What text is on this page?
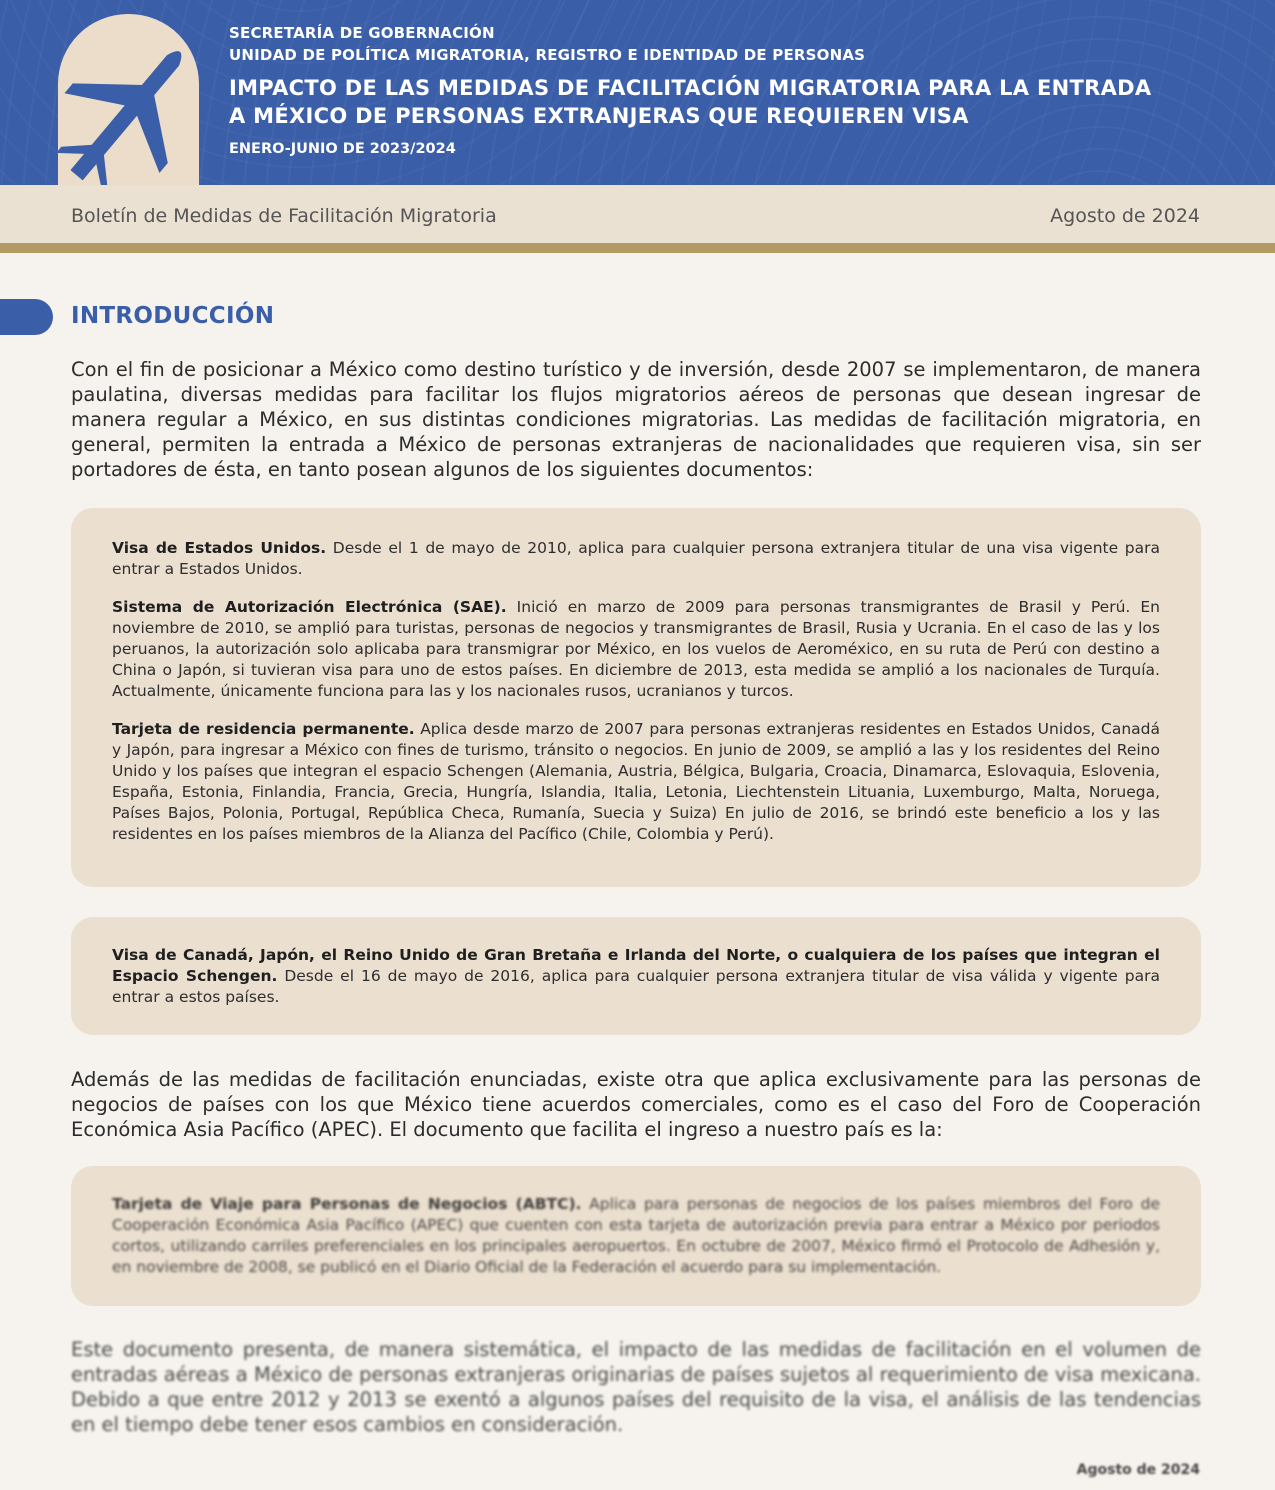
SECRETARÍA DE GOBERNACIÓN

UNIDAD DE POLÍTICA MIGRATORIA, REGISTRO E IDENTIDAD DE PERSONAS

IMPACTO DE LAS MEDIDAS DE FACILITACIÓN MIGRATORIA PARA LA ENTRADA
A MÉXICO DE PERSONAS EXTRANJERAS QUE REQUIEREN VISA

ENERO-JUNIO DE 2023/2024

Boletín de Medidas de Facilitación Migratoria	Agosto de 2024
INTRODUCCIÓN

Con el fin de posicionar a México como destino turístico y de inversión, desde 2007 se implementaron, de manera paulatina, diversas medidas para facilitar los flujos migratorios aéreos de personas que desean ingresar de manera regular a México, en sus distintas condiciones migratorias. Las medidas de facilitación migratoria, en general, permiten la entrada a México de personas extranjeras de nacionalidades que requieren visa, sin ser portadores de ésta, en tanto posean algunos de los siguientes documentos:

Visa de Estados Unidos. Desde el 1 de mayo de 2010, aplica para cualquier persona extranjera titular de una visa vigente para entrar a Estados Unidos.

Sistema de Autorización Electrónica (SAE). Inició en marzo de 2009 para personas transmigrantes de Brasil y Perú. En noviembre de 2010, se amplió para turistas, personas de negocios y transmigrantes de Brasil, Rusia y Ucrania. En el caso de las y los peruanos, la autorización solo aplicaba para transmigrar por México, en los vuelos de Aeroméxico, en su ruta de Perú con destino a China o Japón, si tuvieran visa para uno de estos países. En diciembre de 2013, esta medida se amplió a los nacionales de Turquía. Actualmente, únicamente funciona para las y los nacionales rusos, ucranianos y turcos.

Tarjeta de residencia permanente. Aplica desde marzo de 2007 para personas extranjeras residentes en Estados Unidos, Canadá y Japón, para ingresar a México con fines de turismo, tránsito o negocios. En junio de 2009, se amplió a las y los residentes del Reino Unido y los países que integran el espacio Schengen (Alemania, Austria, Bélgica, Bulgaria, Croacia, Dinamarca, Eslovaquia, Eslovenia, España, Estonia, Finlandia, Francia, Grecia, Hungría, Islandia, Italia, Letonia, Liechtenstein Lituania, Luxemburgo, Malta, Noruega, Países Bajos, Polonia, Portugal, República Checa, Rumanía, Suecia y Suiza) En julio de 2016, se brindó este beneficio a los y las residentes en los países miembros de la Alianza del Pacífico (Chile, Colombia y Perú).

Visa de Canadá, Japón, el Reino Unido de Gran Bretaña e Irlanda del Norte, o cualquiera de los países que integran el Espacio Schengen. Desde el 16 de mayo de 2016, aplica para cualquier persona extranjera titular de visa válida y vigente para entrar a estos países.

Además de las medidas de facilitación enunciadas, existe otra que aplica exclusivamente para las personas de negocios de países con los que México tiene acuerdos comerciales, como es el caso del Foro de Cooperación Económica Asia Pacífico (APEC). El documento que facilita el ingreso a nuestro país es la:

Tarjeta de Viaje para Personas de Negocios (ABTC). Aplica para personas de negocios de los países miembros del Foro de Cooperación Económica Asia Pacífico (APEC) que cuenten con esta tarjeta de autorización previa para entrar a México por periodos cortos, utilizando carriles preferenciales en los principales aeropuertos. En octubre de 2007, México firmó el Protocolo de Adhesión y, en noviembre de 2008, se publicó en el Diario Oficial de la Federación el acuerdo para su implementación.

Este documento presenta, de manera sistemática, el impacto de las medidas de facilitación en el volumen de entradas aéreas a México de personas extranjeras originarias de países sujetos al requerimiento de visa mexicana. Debido a que entre 2012 y 2013 se exentó a algunos países del requisito de la visa, el análisis de las tendencias en el tiempo debe tener esos cambios en consideración.

Agosto de 2024
